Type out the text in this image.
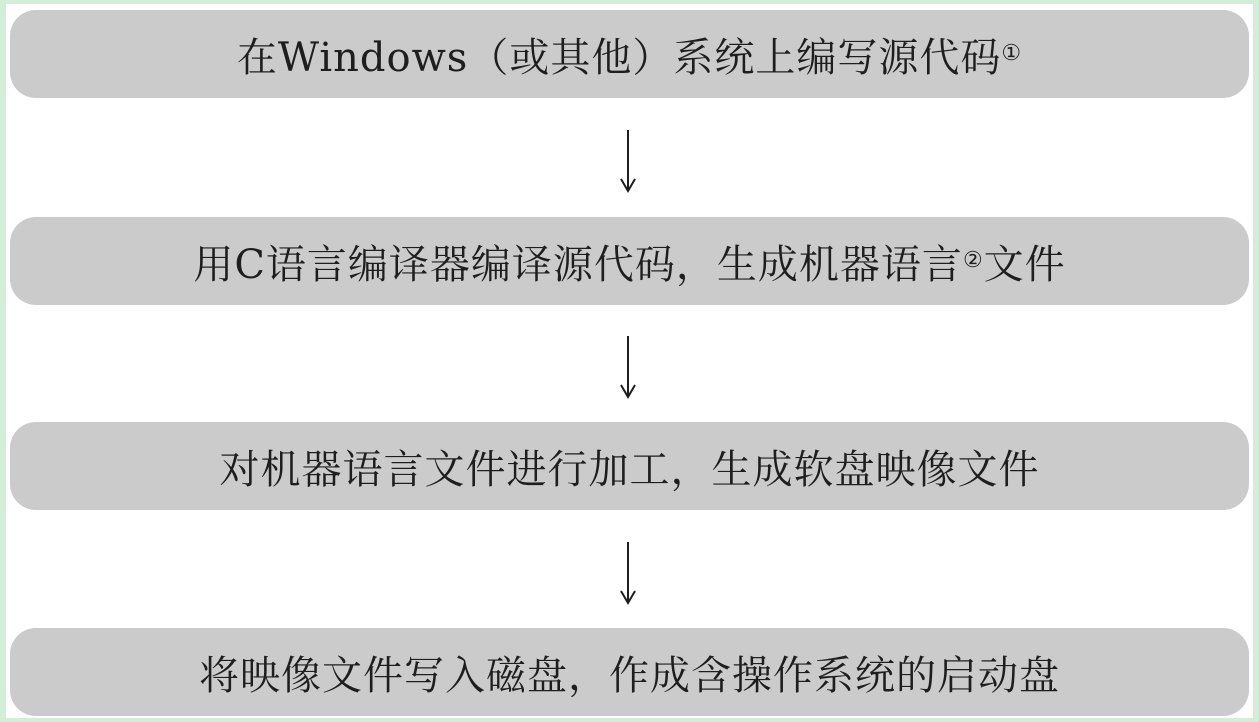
在Windows（或其他）系统上编写源代码 ①
用C语言编译器编译源代码，生成机器语言 ② 文件
对机器语言文件进行加工，生成软盘映像文件
将映像文件写入磁盘，作成含操作系统的启动盘
